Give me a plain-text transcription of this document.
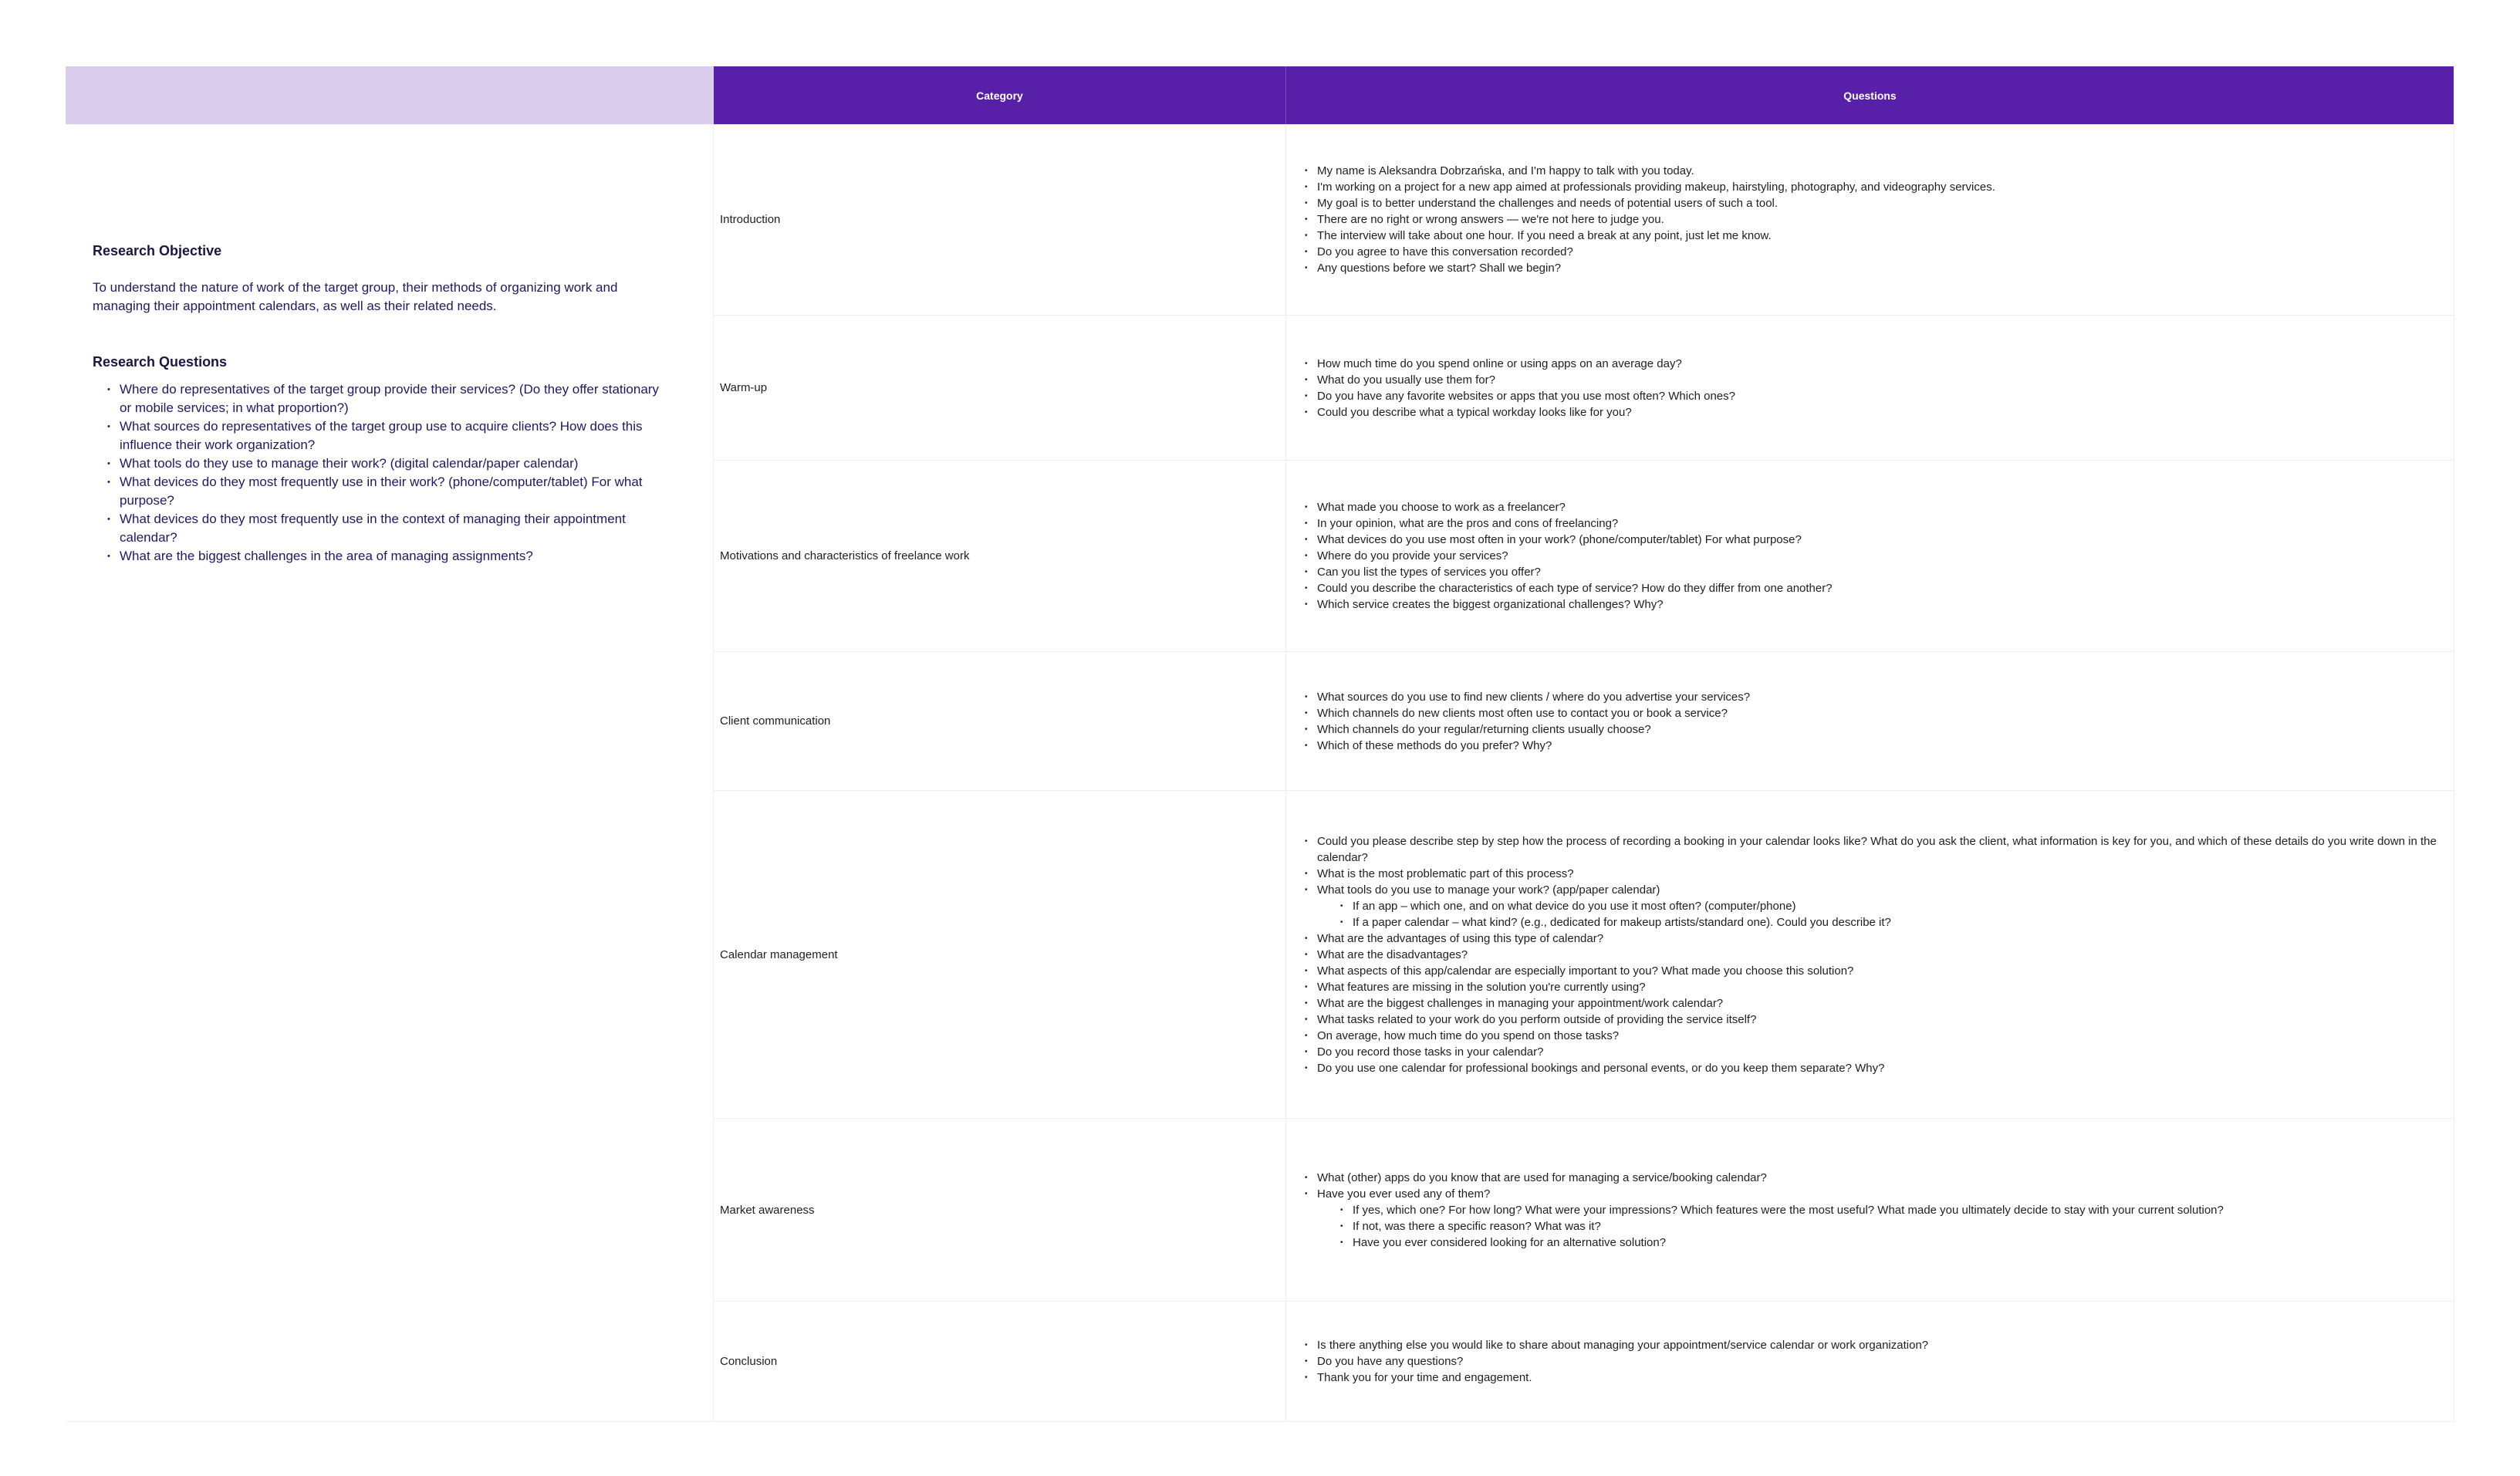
Category	Questions
Research Objective

To understand the nature of work of the target group, their methods of organizing work and managing their appointment calendars, as well as their related needs.

Research Questions
• Where do representatives of the target group provide their services? (Do they offer stationary or mobile services; in what proportion?)
• What sources do representatives of the target group use to acquire clients? How does this influence their work organization?
• What tools do they use to manage their work? (digital calendar/paper calendar)
• What devices do they most frequently use in their work? (phone/computer/tablet) For what purpose?
• What devices do they most frequently use in the context of managing their appointment calendar?
• What are the biggest challenges in the area of managing assignments?
Introduction
• My name is Aleksandra Dobrzańska, and I'm happy to talk with you today.
• I'm working on a project for a new app aimed at professionals providing makeup, hairstyling, photography, and videography services.
• My goal is to better understand the challenges and needs of potential users of such a tool.
• There are no right or wrong answers — we're not here to judge you.
• The interview will take about one hour. If you need a break at any point, just let me know.
• Do you agree to have this conversation recorded?
• Any questions before we start? Shall we begin?
Warm-up
• How much time do you spend online or using apps on an average day?
• What do you usually use them for?
• Do you have any favorite websites or apps that you use most often? Which ones?
• Could you describe what a typical workday looks like for you?
Motivations and characteristics of freelance work
• What made you choose to work as a freelancer?
• In your opinion, what are the pros and cons of freelancing?
• What devices do you use most often in your work? (phone/computer/tablet) For what purpose?
• Where do you provide your services?
• Can you list the types of services you offer?
• Could you describe the characteristics of each type of service? How do they differ from one another?
• Which service creates the biggest organizational challenges? Why?
Client communication
• What sources do you use to find new clients / where do you advertise your services?
• Which channels do new clients most often use to contact you or book a service?
• Which channels do your regular/returning clients usually choose?
• Which of these methods do you prefer? Why?
Calendar management
• Could you please describe step by step how the process of recording a booking in your calendar looks like? What do you ask the client, what information is key for you, and which of these details do you write down in the calendar?
• What is the most problematic part of this process?
• What tools do you use to manage your work? (app/paper calendar)
• If an app – which one, and on what device do you use it most often? (computer/phone)
• If a paper calendar – what kind? (e.g., dedicated for makeup artists/standard one). Could you describe it?
• What are the advantages of using this type of calendar?
• What are the disadvantages?
• What aspects of this app/calendar are especially important to you? What made you choose this solution?
• What features are missing in the solution you're currently using?
• What are the biggest challenges in managing your appointment/work calendar?
• What tasks related to your work do you perform outside of providing the service itself?
• On average, how much time do you spend on those tasks?
• Do you record those tasks in your calendar?
• Do you use one calendar for professional bookings and personal events, or do you keep them separate? Why?
Market awareness
• What (other) apps do you know that are used for managing a service/booking calendar?
• Have you ever used any of them?
• If yes, which one? For how long? What were your impressions? Which features were the most useful? What made you ultimately decide to stay with your current solution?
• If not, was there a specific reason? What was it?
• Have you ever considered looking for an alternative solution?
Conclusion
• Is there anything else you would like to share about managing your appointment/service calendar or work organization?
• Do you have any questions?
• Thank you for your time and engagement.
